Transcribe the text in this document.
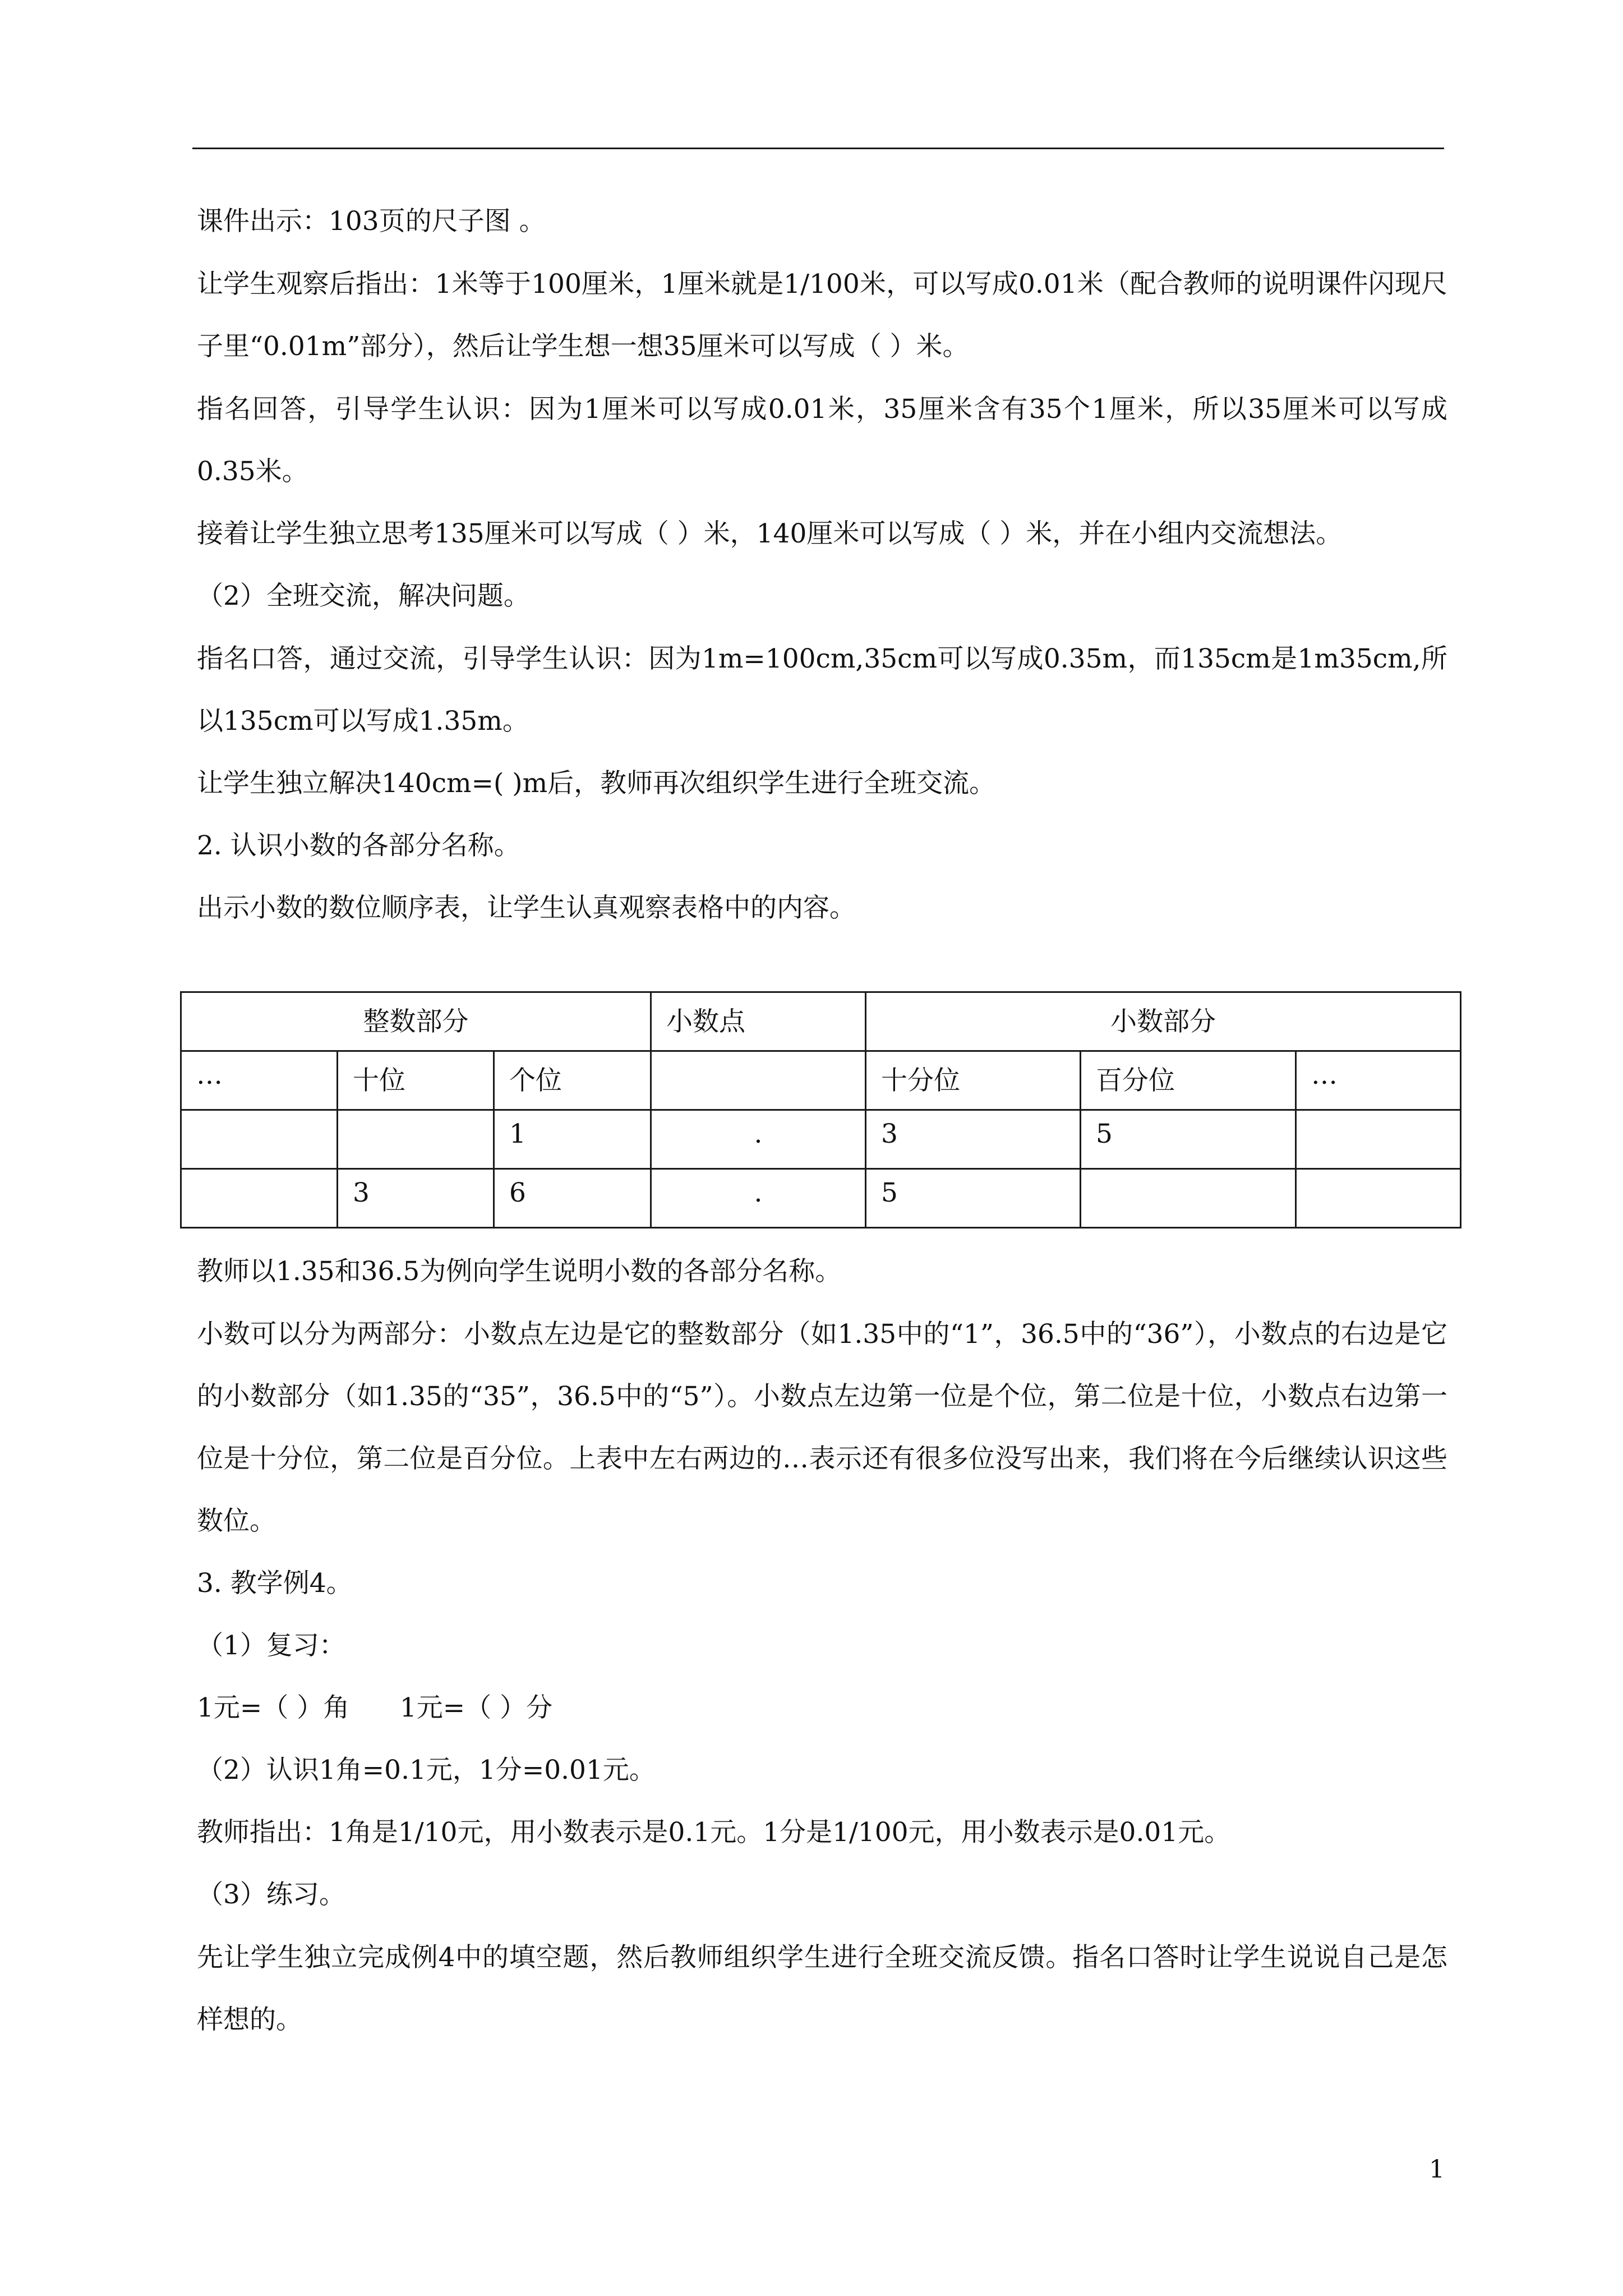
课件出示：103页的尺子图 。
让学生观察后指出：1米等于100厘米，1厘米就是1/100米，可以写成0.01米（配合教师的说明课件闪现尺子里“0.01m”部分），然后让学生想一想35厘米可以写成（ ）米。
指名回答，引导学生认识：因为1厘米可以写成0.01米，35厘米含有35个1厘米，所以35厘米可以写成0.35米。
接着让学生独立思考135厘米可以写成（ ）米，140厘米可以写成（ ）米，并在小组内交流想法。
（2）全班交流，解决问题。
指名口答，通过交流，引导学生认识：因为1m=100cm,35cm可以写成0.35m，而135cm是1m35cm,所以135cm可以写成1.35m。
让学生独立解决140cm=( )m后，教师再次组织学生进行全班交流。
2. 认识小数的各部分名称。
出示小数的数位顺序表，让学生认真观察表格中的内容。
整数部分			小数点	小数部分		
…	十位	个位		十分位	百分位	…
		1	.	3	5	
	3	6	.	5		
教师以1.35和36.5为例向学生说明小数的各部分名称。
小数可以分为两部分：小数点左边是它的整数部分（如1.35中的“1”，36.5中的“36”），小数点的右边是它的小数部分（如1.35的“35”，36.5中的“5”）。小数点左边第一位是个位，第二位是十位，小数点右边第一位是十分位，第二位是百分位。上表中左右两边的…表示还有很多位没写出来，我们将在今后继续认识这些数位。
3. 教学例4。
（1）复习：
1元=（ ）角      1元=（ ）分
（2）认识1角=0.1元，1分=0.01元。
教师指出：1角是1/10元，用小数表示是0.1元。1分是1/100元，用小数表示是0.01元。
（3）练习。
先让学生独立完成例4中的填空题，然后教师组织学生进行全班交流反馈。指名口答时让学生说说自己是怎样想的。
1
